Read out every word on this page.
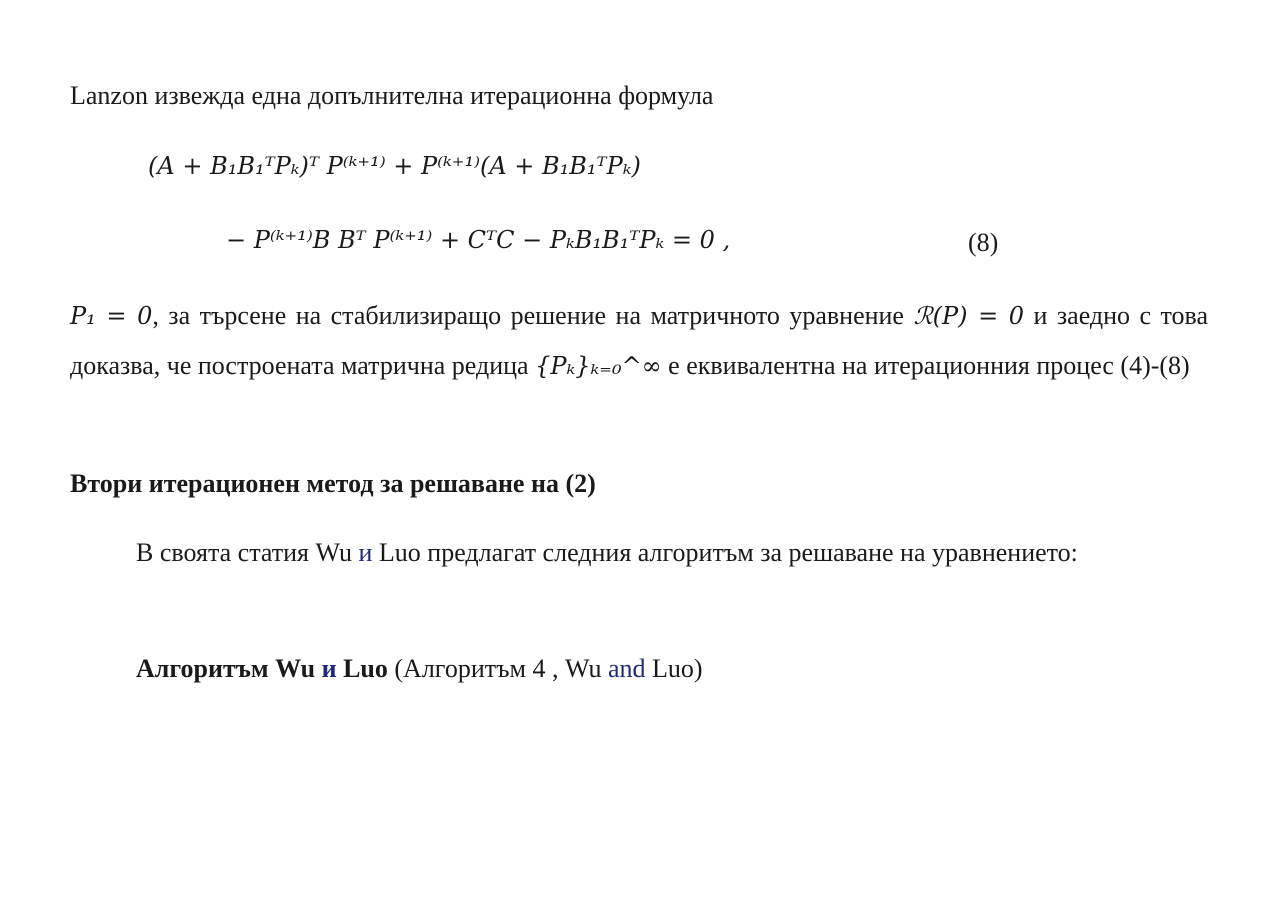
Lanzon извежда една допълнителна итерационна формула
(A + B₁B₁ᵀPₖ)ᵀ P⁽ᵏ⁺¹⁾ + P⁽ᵏ⁺¹⁾(A + B₁B₁ᵀPₖ)
− P⁽ᵏ⁺¹⁾B Bᵀ P⁽ᵏ⁺¹⁾ + CᵀC − PₖB₁B₁ᵀPₖ = 0 ,	(8)
P₁ = 0, за търсене на стабилизиращо решение на матричното уравнение ℛ(P) = 0 и заедно с това доказва, че построената матрична редица {Pₖ}ₖ₌₀^∞ е еквивалентна на итерационния процес (4)-(8)
Втори итерационен метод за решаване на (2)
В своята статия Wu и Luo предлагат следния алгоритъм за решаване на уравнението:
Алгоритъм Wu и Luo (Алгоритъм 4 , Wu and Luo)
